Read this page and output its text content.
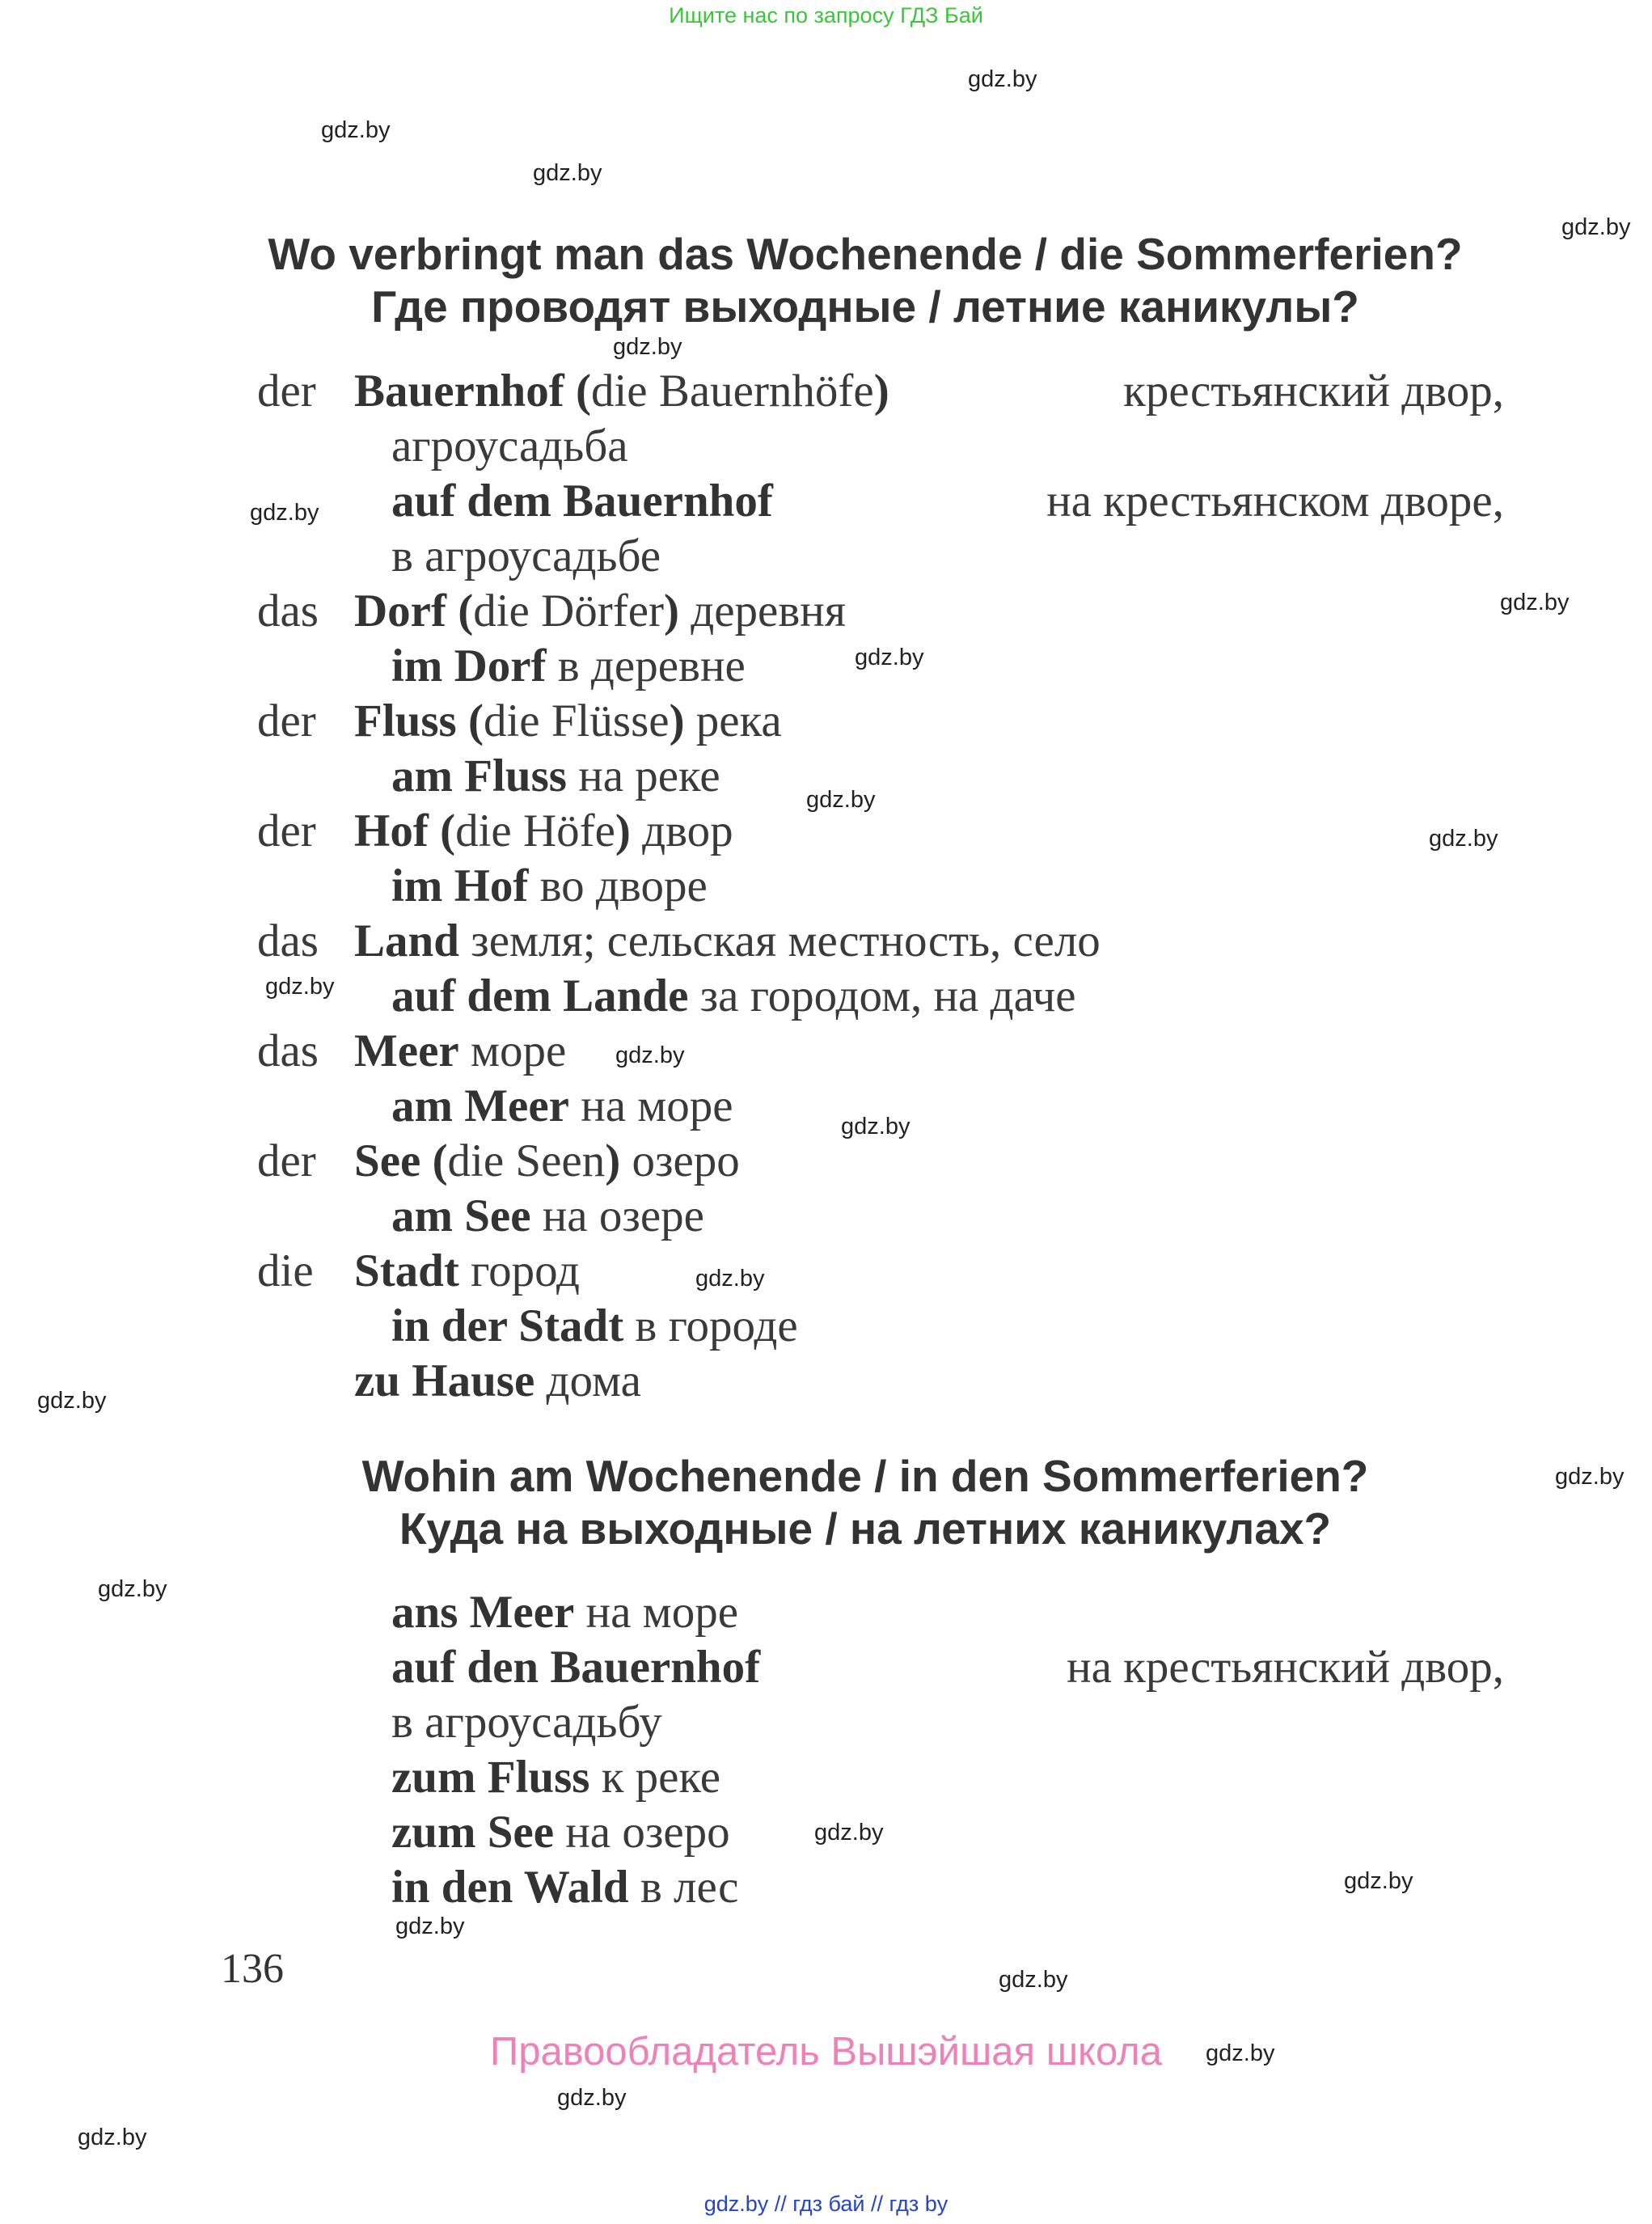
Ищите нас по запросу ГДЗ Бай
gdz.by
gdz.by
gdz.by
gdz.by
gdz.by
gdz.by
gdz.by
gdz.by
gdz.by
gdz.by
gdz.by
gdz.by
gdz.by
gdz.by
gdz.by
gdz.by
gdz.by
gdz.by
gdz.by
gdz.by
gdz.by
gdz.by
gdz.by
gdz.by
Wo verbringt man das Wochenende / die Sommerferien?
Где проводят выходные / летние каникулы?
der Bauernhof (die Bauernhöfe)	крестьянский двор,
агроусадьба
auf dem Bauernhof	на крестьянском дворе,
в агроусадьбе
das Dorf (die Dörfer) деревня
im Dorf в деревне
der Fluss (die Flüsse) река
am Fluss на реке
der Hof (die Höfe) двор
im Hof во дворе
das Land земля; сельская местность, село
auf dem Lande за городом, на даче
das Meer море
am Meer на море
der See (die Seen) озеро
am See на озере
die Stadt город
in der Stadt в городе
zu Hause дома
Wohin am Wochenende / in den Sommerferien?
Куда на выходные / на летних каникулах?
ans Meer на море
auf den Bauernhof	на крестьянский двор,
в агроусадьбу
zum Fluss к реке
zum See на озеро
in den Wald в лес
136
Правообладатель Вышэйшая школа
gdz.by // гдз бай // гдз by
